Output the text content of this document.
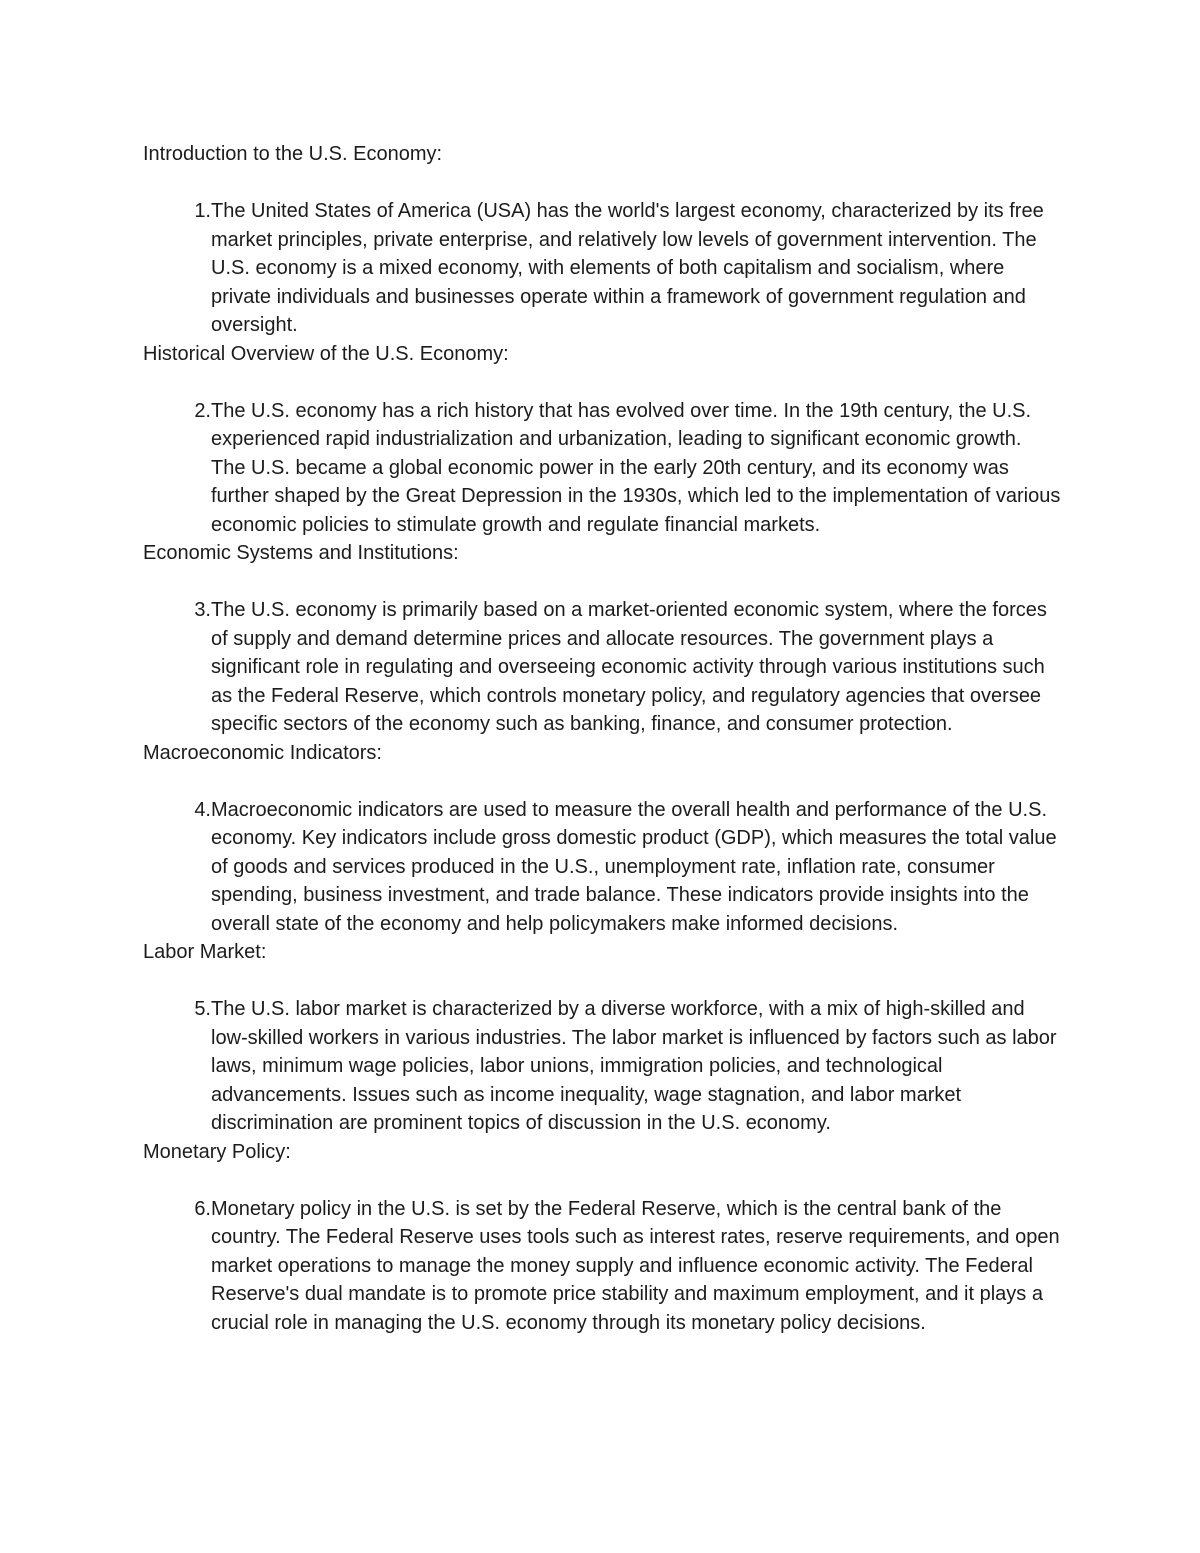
Introduction to the U.S. Economy:

1. The United States of America (USA) has the world's largest economy, characterized by its free market principles, private enterprise, and relatively low levels of government intervention. The U.S. economy is a mixed economy, with elements of both capitalism and socialism, where private individuals and businesses operate within a framework of government regulation and oversight.

Historical Overview of the U.S. Economy:

2. The U.S. economy has a rich history that has evolved over time. In the 19th century, the U.S. experienced rapid industrialization and urbanization, leading to significant economic growth. The U.S. became a global economic power in the early 20th century, and its economy was further shaped by the Great Depression in the 1930s, which led to the implementation of various economic policies to stimulate growth and regulate financial markets.

Economic Systems and Institutions:

3. The U.S. economy is primarily based on a market-oriented economic system, where the forces of supply and demand determine prices and allocate resources. The government plays a significant role in regulating and overseeing economic activity through various institutions such as the Federal Reserve, which controls monetary policy, and regulatory agencies that oversee specific sectors of the economy such as banking, finance, and consumer protection.

Macroeconomic Indicators:

4. Macroeconomic indicators are used to measure the overall health and performance of the U.S. economy. Key indicators include gross domestic product (GDP), which measures the total value of goods and services produced in the U.S., unemployment rate, inflation rate, consumer spending, business investment, and trade balance. These indicators provide insights into the overall state of the economy and help policymakers make informed decisions.

Labor Market:

5. The U.S. labor market is characterized by a diverse workforce, with a mix of high-skilled and low-skilled workers in various industries. The labor market is influenced by factors such as labor laws, minimum wage policies, labor unions, immigration policies, and technological advancements. Issues such as income inequality, wage stagnation, and labor market discrimination are prominent topics of discussion in the U.S. economy.

Monetary Policy:

6. Monetary policy in the U.S. is set by the Federal Reserve, which is the central bank of the country. The Federal Reserve uses tools such as interest rates, reserve requirements, and open market operations to manage the money supply and influence economic activity. The Federal Reserve's dual mandate is to promote price stability and maximum employment, and it plays a crucial role in managing the U.S. economy through its monetary policy decisions.
